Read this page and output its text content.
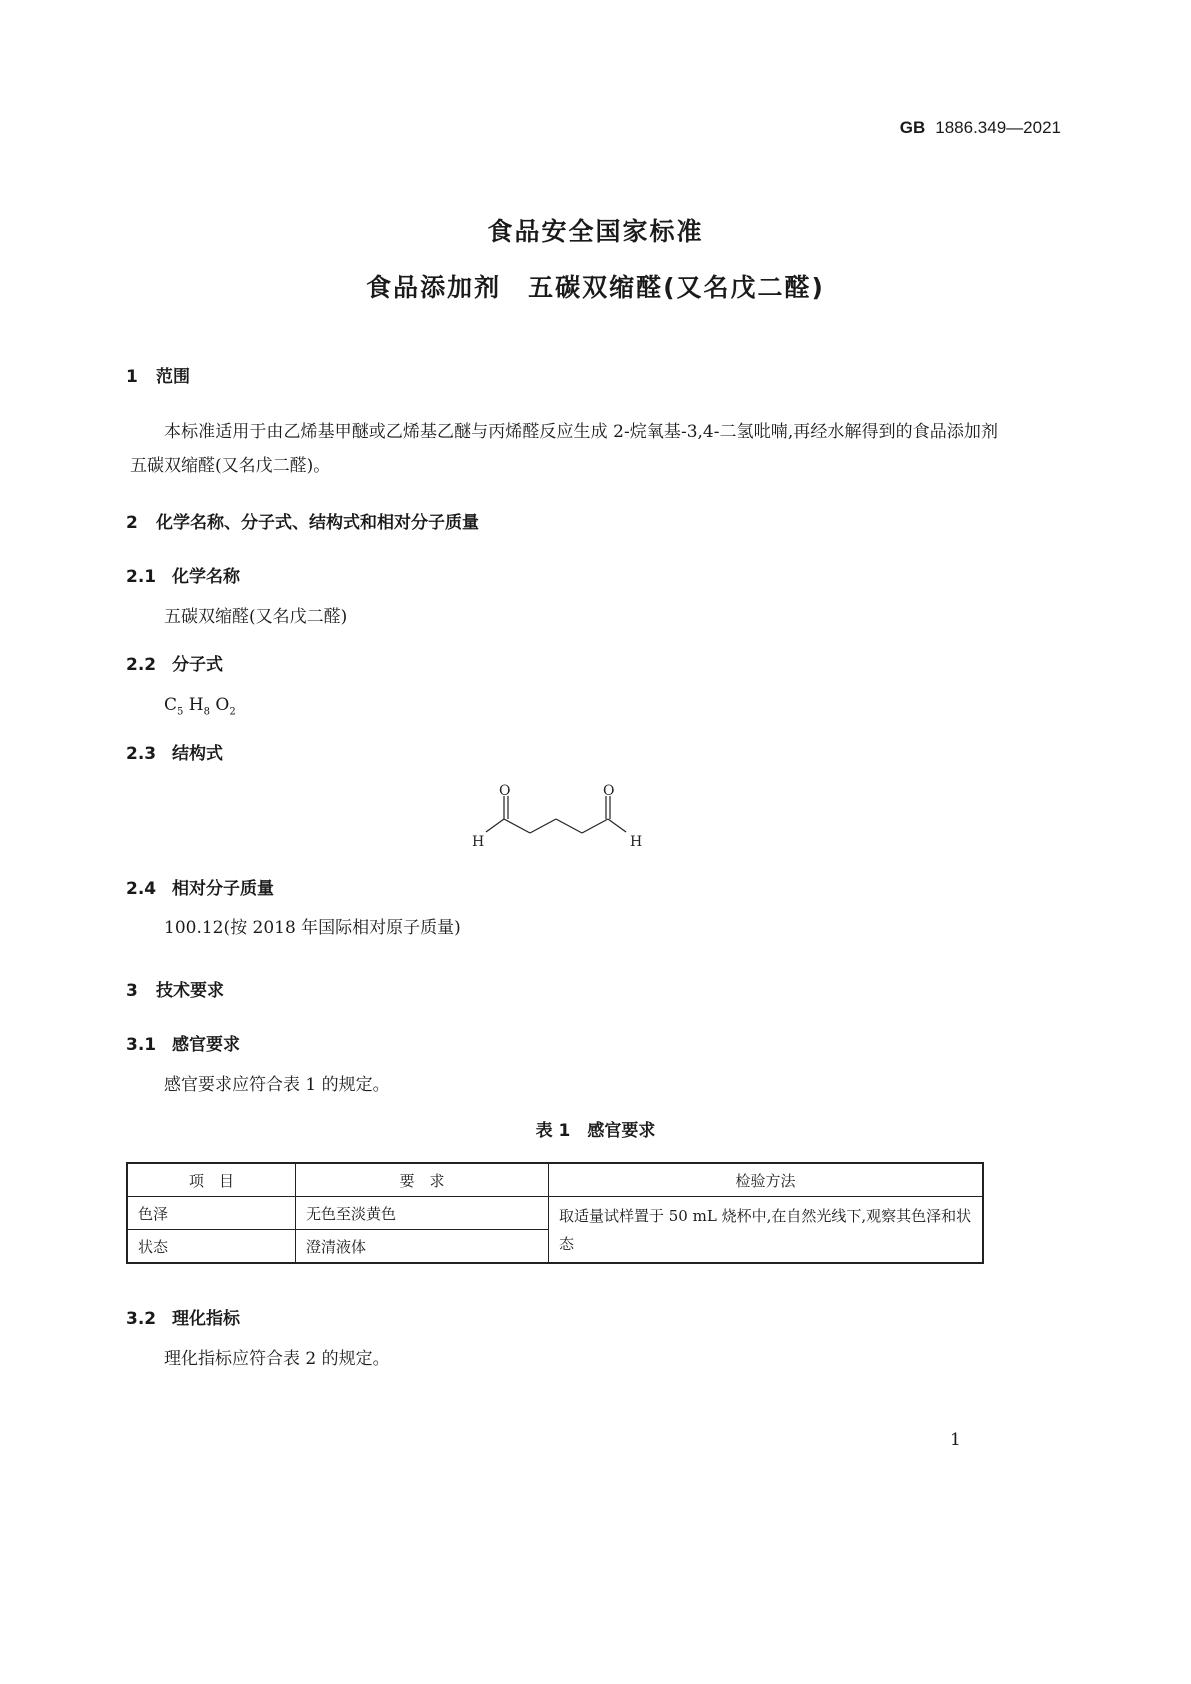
GB 1886.349—2021
食品安全国家标准
食品添加剂　五碳双缩醛(又名戊二醛)
1 范围
本标准适用于由乙烯基甲醚或乙烯基乙醚与丙烯醛反应生成 2-烷氧基-3,4-二氢吡喃,再经水解得到的食品添加剂五碳双缩醛(又名戊二醛)。
2 化学名称、分子式、结构式和相对分子质量
2.1 化学名称
五碳双缩醛(又名戊二醛)
2.2 分子式
$C_5$ $H_8$ $O_2$
2.3 结构式
O	O
H	H
2.4 相对分子质量
100.12(按 2018 年国际相对原子质量)
3 技术要求
3.1 感官要求
感官要求应符合表 1 的规定。
表 1　感官要求
项　目	要　求	检验方法
色泽	无色至淡黄色	取适量试样置于 50 mL 烧杯中,在自然光线下,观察其色泽和状态
状态	澄清液体	
3.2 理化指标
理化指标应符合表 2 的规定。
1
